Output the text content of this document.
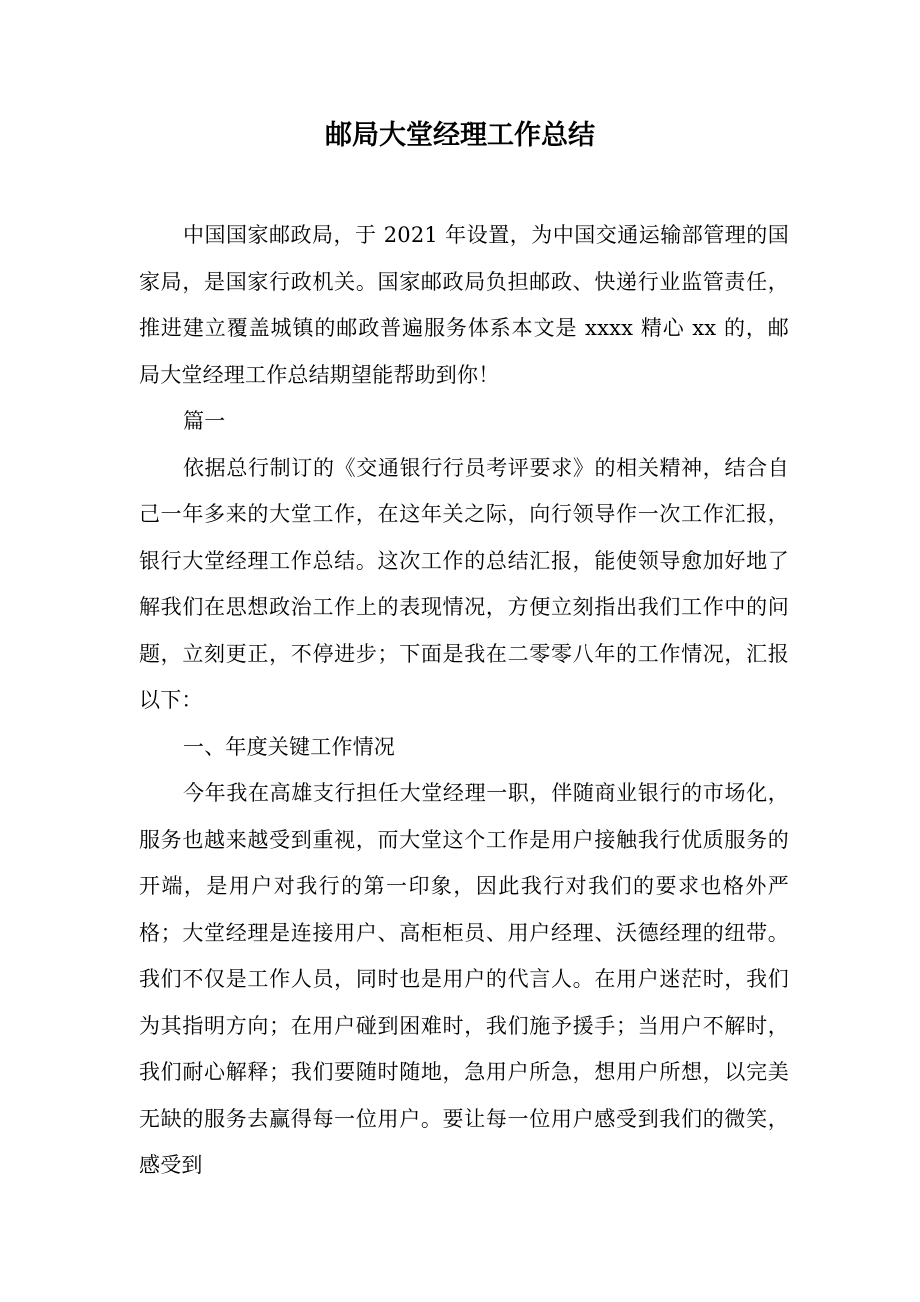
邮局大堂经理工作总结

中国国家邮政局，于 2021 年设置，为中国交通运输部管理的国家局，是国家行政机关。国家邮政局负担邮政、快递行业监管责任，推进建立覆盖城镇的邮政普遍服务体系本文是 xxxx 精心 xx 的，邮局大堂经理工作总结期望能帮助到你！

篇一

依据总行制订的《交通银行行员考评要求》的相关精神，结合自己一年多来的大堂工作，在这年关之际，向行领导作一次工作汇报，银行大堂经理工作总结。这次工作的总结汇报，能使领导愈加好地了解我们在思想政治工作上的表现情况，方便立刻指出我们工作中的问题，立刻更正，不停进步；下面是我在二零零八年的工作情况，汇报以下：

一、年度关键工作情况

今年我在高雄支行担任大堂经理一职，伴随商业银行的市场化，服务也越来越受到重视，而大堂这个工作是用户接触我行优质服务的开端，是用户对我行的第一印象，因此我行对我们的要求也格外严格；大堂经理是连接用户、高柜柜员、用户经理、沃德经理的纽带。我们不仅是工作人员，同时也是用户的代言人。在用户迷茫时，我们为其指明方向；在用户碰到困难时，我们施予援手；当用户不解时，我们耐心解释；我们要随时随地，急用户所急，想用户所想，以完美无缺的服务去赢得每一位用户。要让每一位用户感受到我们的微笑，感受到
